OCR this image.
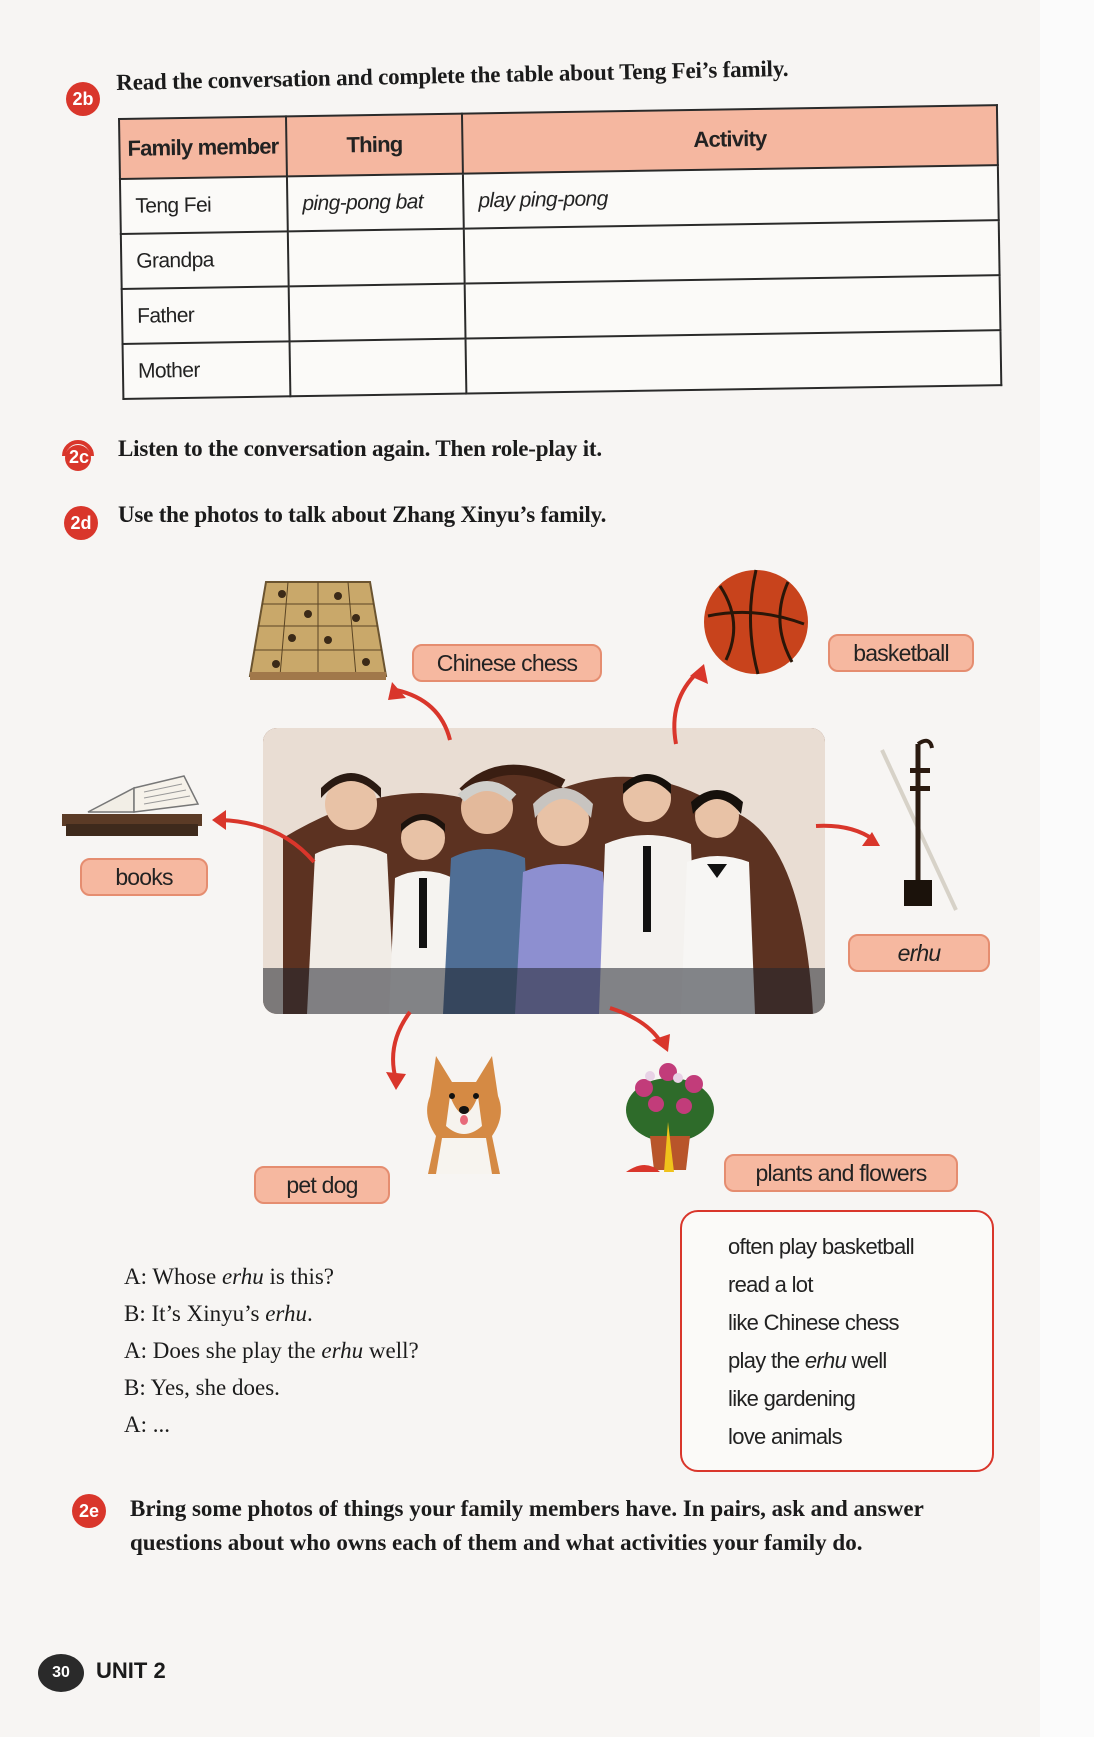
2b
Read the conversation and complete the table about Teng Fei’s family.
Family member	Thing	Activity
Teng Fei	ping-pong bat	play ping-pong
Grandpa		
Father		
Mother		
2c	Listen to the conversation again. Then role-play it.
2d Use the photos to talk about Zhang Xinyu’s family.
Chinese chess	basketball
books
erhu
pet dog	plants and flowers
A: Whose erhu is this?
B: It’s Xinyu’s erhu.
A: Does she play the erhu well?
B: Yes, she does.
A: ...
often play basketball
read a lot
like Chinese chess
play the erhu well
like gardening
love animals
2e	Bring some photos of things your family members have. In pairs, ask and answer questions about who owns each of them and what activities your family do.
30	UNIT 2
